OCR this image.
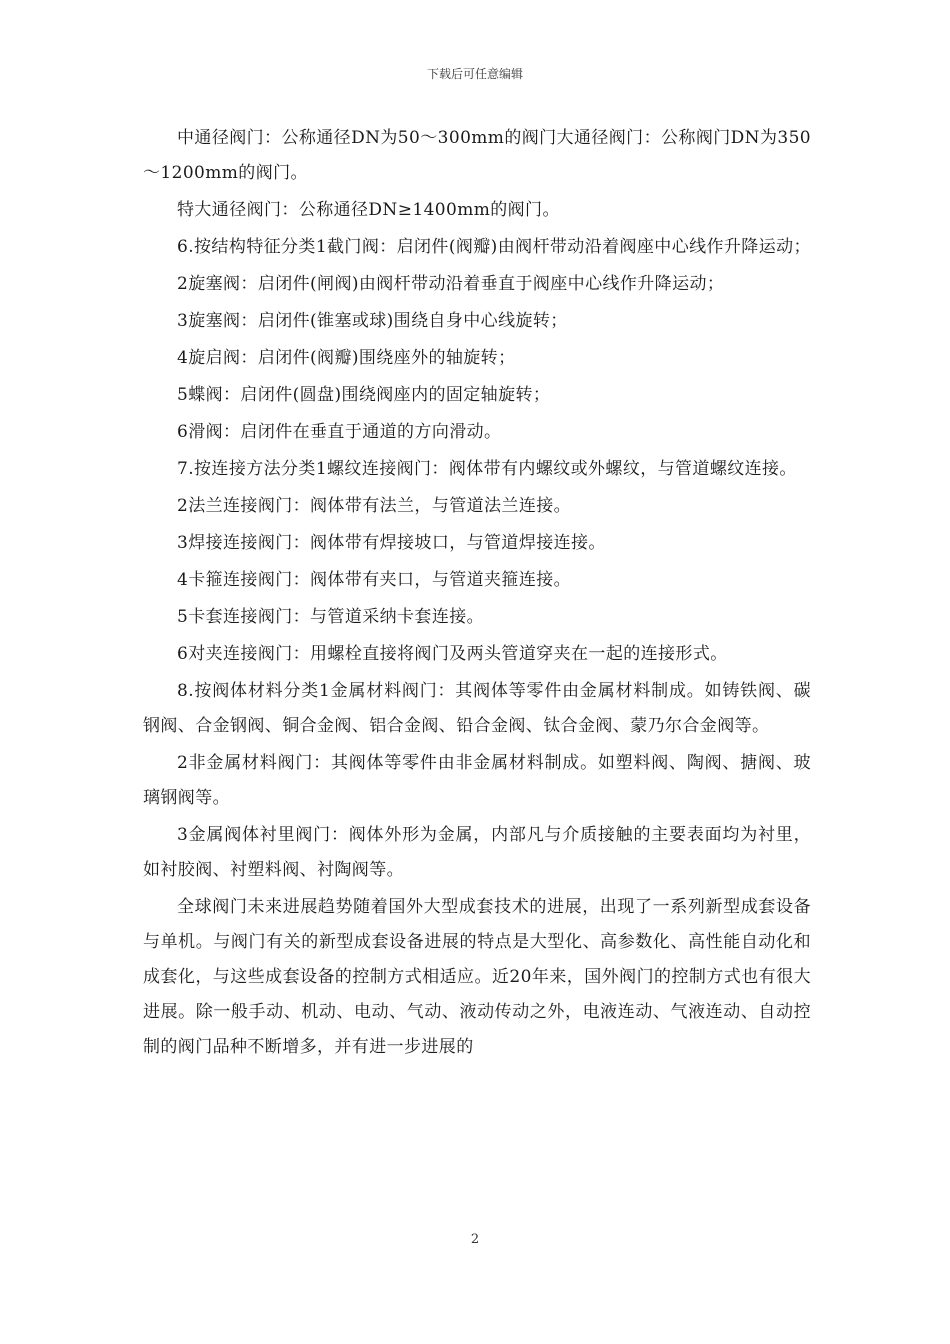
下载后可任意编辑

中通径阀门：公称通径DN为50～300mm的阀门大通径阀门：公称阀门DN为350～1200mm的阀门。

特大通径阀门：公称通径DN≥1400mm的阀门。

6.按结构特征分类1截门阀：启闭件(阀瓣)由阀杆带动沿着阀座中心线作升降运动；

2旋塞阀：启闭件(闸阀)由阀杆带动沿着垂直于阀座中心线作升降运动；

3旋塞阀：启闭件(锥塞或球)围绕自身中心线旋转；

4旋启阀：启闭件(阀瓣)围绕座外的轴旋转；

5蝶阀：启闭件(圆盘)围绕阀座内的固定轴旋转；

6滑阀：启闭件在垂直于通道的方向滑动。

7.按连接方法分类1螺纹连接阀门：阀体带有内螺纹或外螺纹，与管道螺纹连接。

2法兰连接阀门：阀体带有法兰，与管道法兰连接。

3焊接连接阀门：阀体带有焊接坡口，与管道焊接连接。

4卡箍连接阀门：阀体带有夹口，与管道夹箍连接。

5卡套连接阀门：与管道采纳卡套连接。

6对夹连接阀门：用螺栓直接将阀门及两头管道穿夹在一起的连接形式。

8.按阀体材料分类1金属材料阀门：其阀体等零件由金属材料制成。如铸铁阀、碳钢阀、合金钢阀、铜合金阀、铝合金阀、铅合金阀、钛合金阀、蒙乃尔合金阀等。

2非金属材料阀门：其阀体等零件由非金属材料制成。如塑料阀、陶阀、搪阀、玻璃钢阀等。

3金属阀体衬里阀门：阀体外形为金属，内部凡与介质接触的主要表面均为衬里，如衬胶阀、衬塑料阀、衬陶阀等。

全球阀门未来进展趋势随着国外大型成套技术的进展，出现了一系列新型成套设备与单机。与阀门有关的新型成套设备进展的特点是大型化、高参数化、高性能自动化和成套化，与这些成套设备的控制方式相适应。近20年来，国外阀门的控制方式也有很大进展。除一般手动、机动、电动、气动、液动传动之外，电液连动、气液连动、自动控制的阀门品种不断增多，并有进一步进展的

2
